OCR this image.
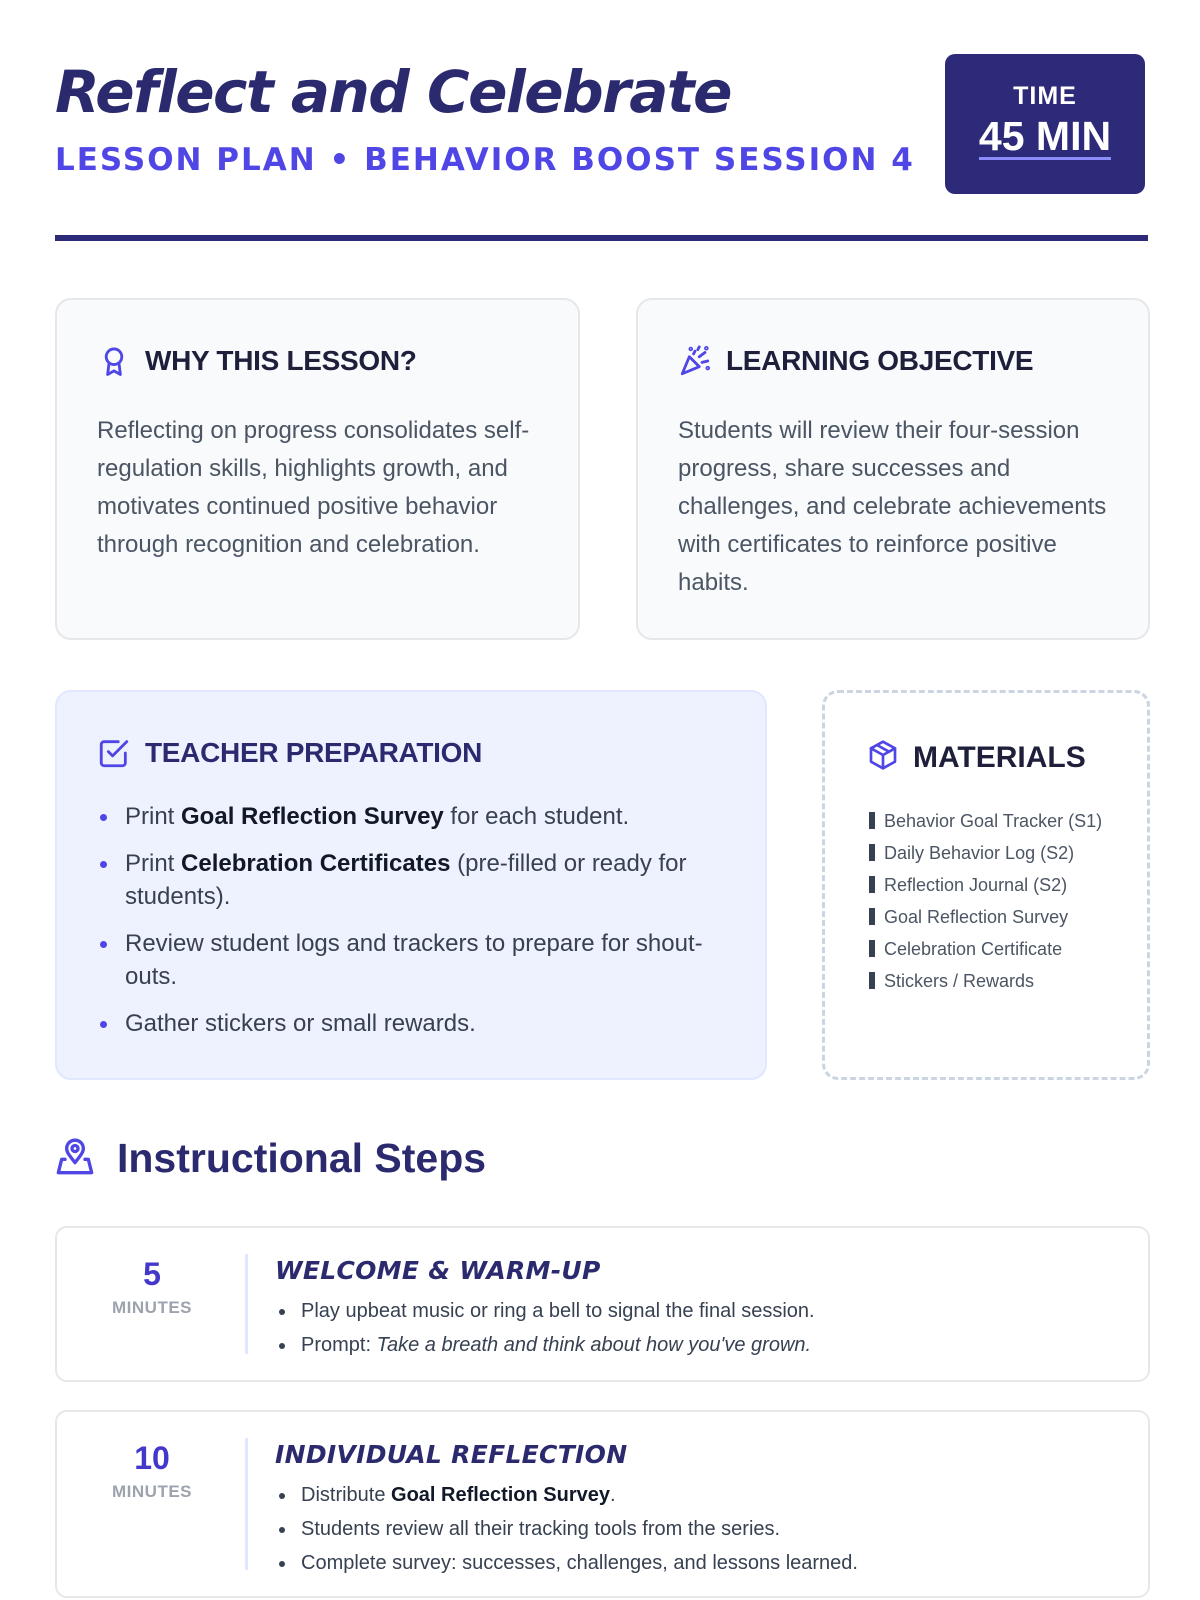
Reflect and Celebrate
LESSON PLAN • BEHAVIOR BOOST SESSION 4
TIME
45 MIN
WHY THIS LESSON?
Reflecting on progress consolidates self-regulation skills, highlights growth, and motivates continued positive behavior through recognition and celebration.
LEARNING OBJECTIVE
Students will review their four-session progress, share successes and challenges, and celebrate achievements with certificates to reinforce positive habits.
TEACHER PREPARATION
Print Goal Reflection Survey for each student.
Print Celebration Certificates (pre-filled or ready for students).
Review student logs and trackers to prepare for shout-outs.
Gather stickers or small rewards.
MATERIALS
Behavior Goal Tracker (S1)
Daily Behavior Log (S2)
Reflection Journal (S2)
Goal Reflection Survey
Celebration Certificate
Stickers / Rewards
Instructional Steps
5
MINUTES
WELCOME & WARM-UP
Play upbeat music or ring a bell to signal the final session.
Prompt: Take a breath and think about how you've grown.
10
MINUTES
INDIVIDUAL REFLECTION
Distribute Goal Reflection Survey.
Students review all their tracking tools from the series.
Complete survey: successes, challenges, and lessons learned.
